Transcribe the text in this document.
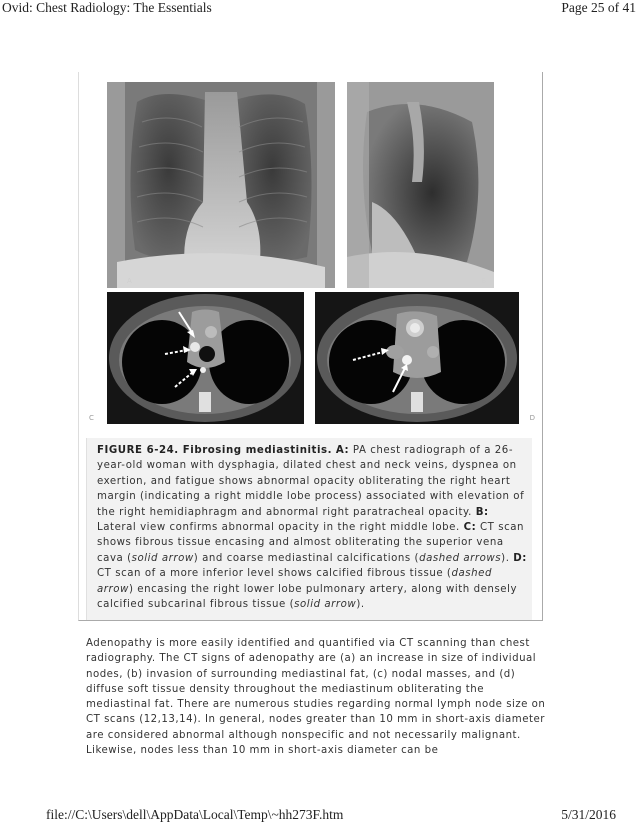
Ovid: Chest Radiology: The Essentials	Page 25 of 41
A	B
C	D
FIGURE 6-24. Fibrosing mediastinitis. A: PA chest radiograph of a 26-year-old woman with dysphagia, dilated chest and neck veins, dyspnea on exertion, and fatigue shows abnormal opacity obliterating the right heart margin (indicating a right middle lobe process) associated with elevation of the right hemidiaphragm and abnormal right paratracheal opacity. B: Lateral view confirms abnormal opacity in the right middle lobe. C: CT scan shows fibrous tissue encasing and almost obliterating the superior vena cava (solid arrow) and coarse mediastinal calcifications (dashed arrows). D: CT scan of a more inferior level shows calcified fibrous tissue (dashed arrow) encasing the right lower lobe pulmonary artery, along with densely calcified subcarinal fibrous tissue (solid arrow).
Adenopathy is more easily identified and quantified via CT scanning than chest radiography. The CT signs of adenopathy are (a) an increase in size of individual nodes, (b) invasion of surrounding mediastinal fat, (c) nodal masses, and (d) diffuse soft tissue density throughout the mediastinum obliterating the mediastinal fat. There are numerous studies regarding normal lymph node size on CT scans (12,13,14). In general, nodes greater than 10 mm in short-axis diameter are considered abnormal although nonspecific and not necessarily malignant. Likewise, nodes less than 10 mm in short-axis diameter can be
file://C:\Users\dell\AppData\Local\Temp\~hh273F.htm	5/31/2016
